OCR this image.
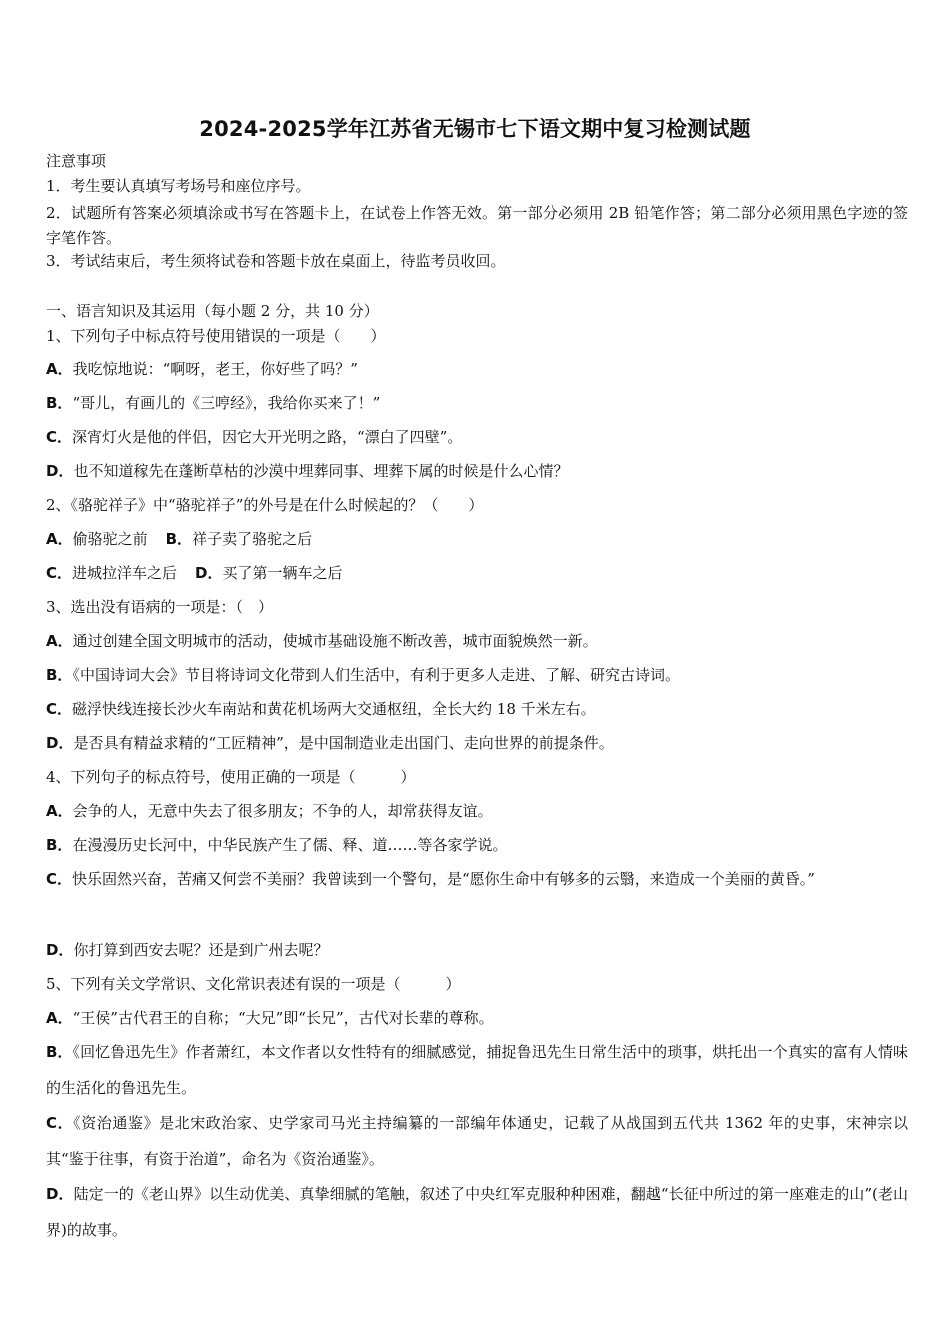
2024-2025学年江苏省无锡市七下语文期中复习检测试题
注意事项
1．考生要认真填写考场号和座位序号。
2．试题所有答案必须填涂或书写在答题卡上，在试卷上作答无效。第一部分必须用 2B 铅笔作答；第二部分必须用黑色字迹的签字笔作答。
3．考试结束后，考生须将试卷和答题卡放在桌面上，待监考员收回。
一、语言知识及其运用（每小题 2 分，共 10 分）
1、下列句子中标点符号使用错误的一项是（　　）
A．我吃惊地说：“啊呀，老王，你好些了吗？”
B．“哥儿，有画儿的《三哼经》，我给你买来了！”
C．深宵灯火是他的伴侣，因它大开光明之路，“漂白了四壁”。
D．也不知道稼先在蓬断草枯的沙漠中埋葬同事、埋葬下属的时候是什么心情？
2、《骆驼祥子》中“骆驼祥子”的外号是在什么时候起的？（　　）
A．偷骆驼之前 B．祥子卖了骆驼之后
C．进城拉洋车之后 D．买了第一辆车之后
3、选出没有语病的一项是：（　）
A．通过创建全国文明城市的活动，使城市基础设施不断改善，城市面貌焕然一新。
B．《中国诗词大会》节目将诗词文化带到人们生活中，有利于更多人走进、了解、研究古诗词。
C．磁浮快线连接长沙火车南站和黄花机场两大交通枢纽，全长大约 18 千米左右。
D．是否具有精益求精的“工匠精神”，是中国制造业走出国门、走向世界的前提条件。
4、下列句子的标点符号，使用正确的一项是（　　　）
A．会争的人，无意中失去了很多朋友；不争的人，却常获得友谊。
B．在漫漫历史长河中，中华民族产生了儒、释、道……等各家学说。
C．快乐固然兴奋，苦痛又何尝不美丽？我曾读到一个警句，是“愿你生命中有够多的云翳，来造成一个美丽的黄昏。”
D．你打算到西安去呢？还是到广州去呢？
5、下列有关文学常识、文化常识表述有误的一项是（　　　）
A．“王侯”古代君王的自称；“大兄”即“长兄”，古代对长辈的尊称。
B．《回忆鲁迅先生》作者萧红，本文作者以女性特有的细腻感觉，捕捉鲁迅先生日常生活中的琐事，烘托出一个真实的富有人情味的生活化的鲁迅先生。
C．《资治通鉴》是北宋政治家、史学家司马光主持编纂的一部编年体通史，记载了从战国到五代共 1362 年的史事，宋神宗以其“鉴于往事，有资于治道”，命名为《资治通鉴》。
D．陆定一的《老山界》以生动优美、真挚细腻的笔触，叙述了中央红军克服种种困难，翻越“长征中所过的第一座难走的山”(老山界)的故事。
